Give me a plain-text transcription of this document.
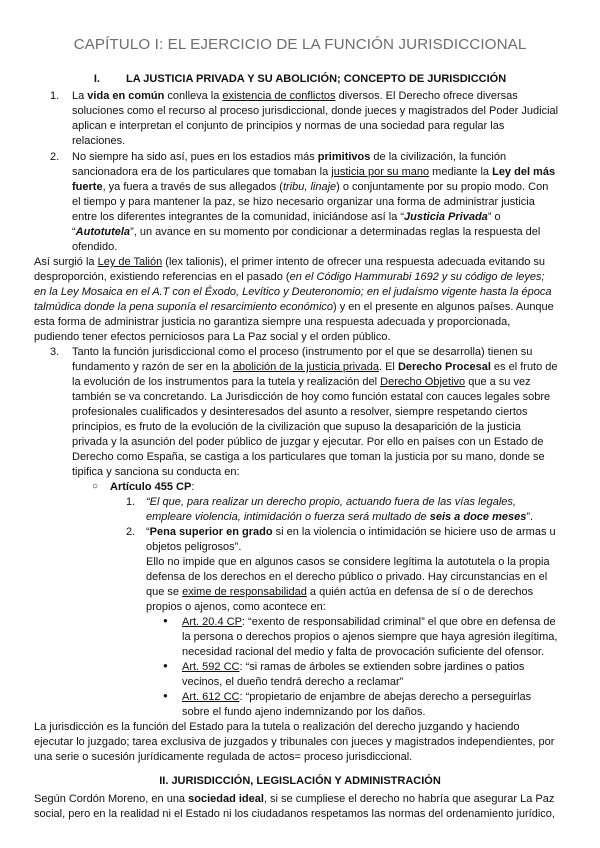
CAPÍTULO I: EL EJERCICIO DE LA FUNCIÓN JURISDICCIONAL
I. LA JUSTICIA PRIVADA Y SU ABOLICIÓN; CONCEPTO DE JURISDICCIÓN
1. La vida en común conlleva la existencia de conflictos diversos. El Derecho ofrece diversas
soluciones como el recurso al proceso jurisdiccional, donde jueces y magistrados del Poder Judicial
aplican e interpretan el conjunto de principios y normas de una sociedad para regular las
relaciones.
2. No siempre ha sido así, pues en los estadios más primitivos de la civilización, la función
sancionadora era de los particulares que tomaban la justicia por su mano mediante la Ley del más
fuerte, ya fuera a través de sus allegados (tribu, linaje) o conjuntamente por su propio modo. Con
el tiempo y para mantener la paz, se hizo necesario organizar una forma de administrar justicia
entre los diferentes integrantes de la comunidad, iniciándose así la “Justicia Privada” o
“Autotutela”, un avance en su momento por condicionar a determinadas reglas la respuesta del
ofendido.
Así surgió la Ley de Talión (lex talionis), el primer intento de ofrecer una respuesta adecuada evitando su
desproporción, existiendo referencias en el pasado (en el Código Hammurabi 1692 y su código de leyes;
en la Ley Mosaica en el A.T con el Éxodo, Levítico y Deuteronomio; en el judaísmo vigente hasta la época
talmúdica donde la pena suponía el resarcimiento económico) y en el presente en algunos países. Aunque
esta forma de administrar justicia no garantiza siempre una respuesta adecuada y proporcionada,
pudiendo tener efectos perniciosos para La Paz social y el orden público.
3. Tanto la función jurisdiccional como el proceso (instrumento por el que se desarrolla) tienen su
fundamento y razón de ser en la abolición de la justicia privada. El Derecho Procesal es el fruto de
la evolución de los instrumentos para la tutela y realización del Derecho Objetivo que a su vez
también se va concretando. La Jurisdicción de hoy como función estatal con cauces legales sobre
profesionales cualificados y desinteresados del asunto a resolver, siempre respetando ciertos
principios, es fruto de la evolución de la civilización que supuso la desaparición de la justicia
privada y la asunción del poder público de juzgar y ejecutar. Por ello en países con un Estado de
Derecho como España, se castiga a los particulares que toman la justicia por su mano, donde se
tipifica y sanciona su conducta en:
○ Artículo 455 CP:
1. “El que, para realizar un derecho propio, actuando fuera de las vías legales,
empleare violencia, intimidación o fuerza será multado de seis a doce meses”.
2. “Pena superior en grado si en la violencia o intimidación se hiciere uso de armas u
objetos peligrosos”.
Ello no impide que en algunos casos se considere legítima la autotutela o la propia
defensa de los derechos en el derecho público o privado. Hay circunstancias en el
que se exime de responsabilidad a quién actúa en defensa de sí o de derechos
propios o ajenos, como acontece en:
● Art. 20.4 CP: “exento de responsabilidad criminal” el que obre en defensa de
la persona o derechos propios o ajenos siempre que haya agresión ilegítima,
necesidad racional del medio y falta de provocación suficiente del ofensor.
● Art. 592 CC: “si ramas de árboles se extienden sobre jardines o patios
vecinos, el dueño tendrá derecho a reclamar”
● Art. 612 CC: “propietario de enjambre de abejas derecho a perseguirlas
sobre el fundo ajeno indemnizando por los daños.
La jurisdicción es la función del Estado para la tutela o realización del derecho juzgando y haciendo
ejecutar lo juzgado; tarea exclusiva de juzgados y tribunales con jueces y magistrados independientes, por
una serie o sucesión jurídicamente regulada de actos= proceso jurisdiccional.
II. JURISDICCIÓN, LEGISLACIÓN Y ADMINISTRACIÓN
Según Cordón Moreno, en una sociedad ideal, si se cumpliese el derecho no habría que asegurar La Paz
social, pero en la realidad ni el Estado ni los ciudadanos respetamos las normas del ordenamiento jurídico,
